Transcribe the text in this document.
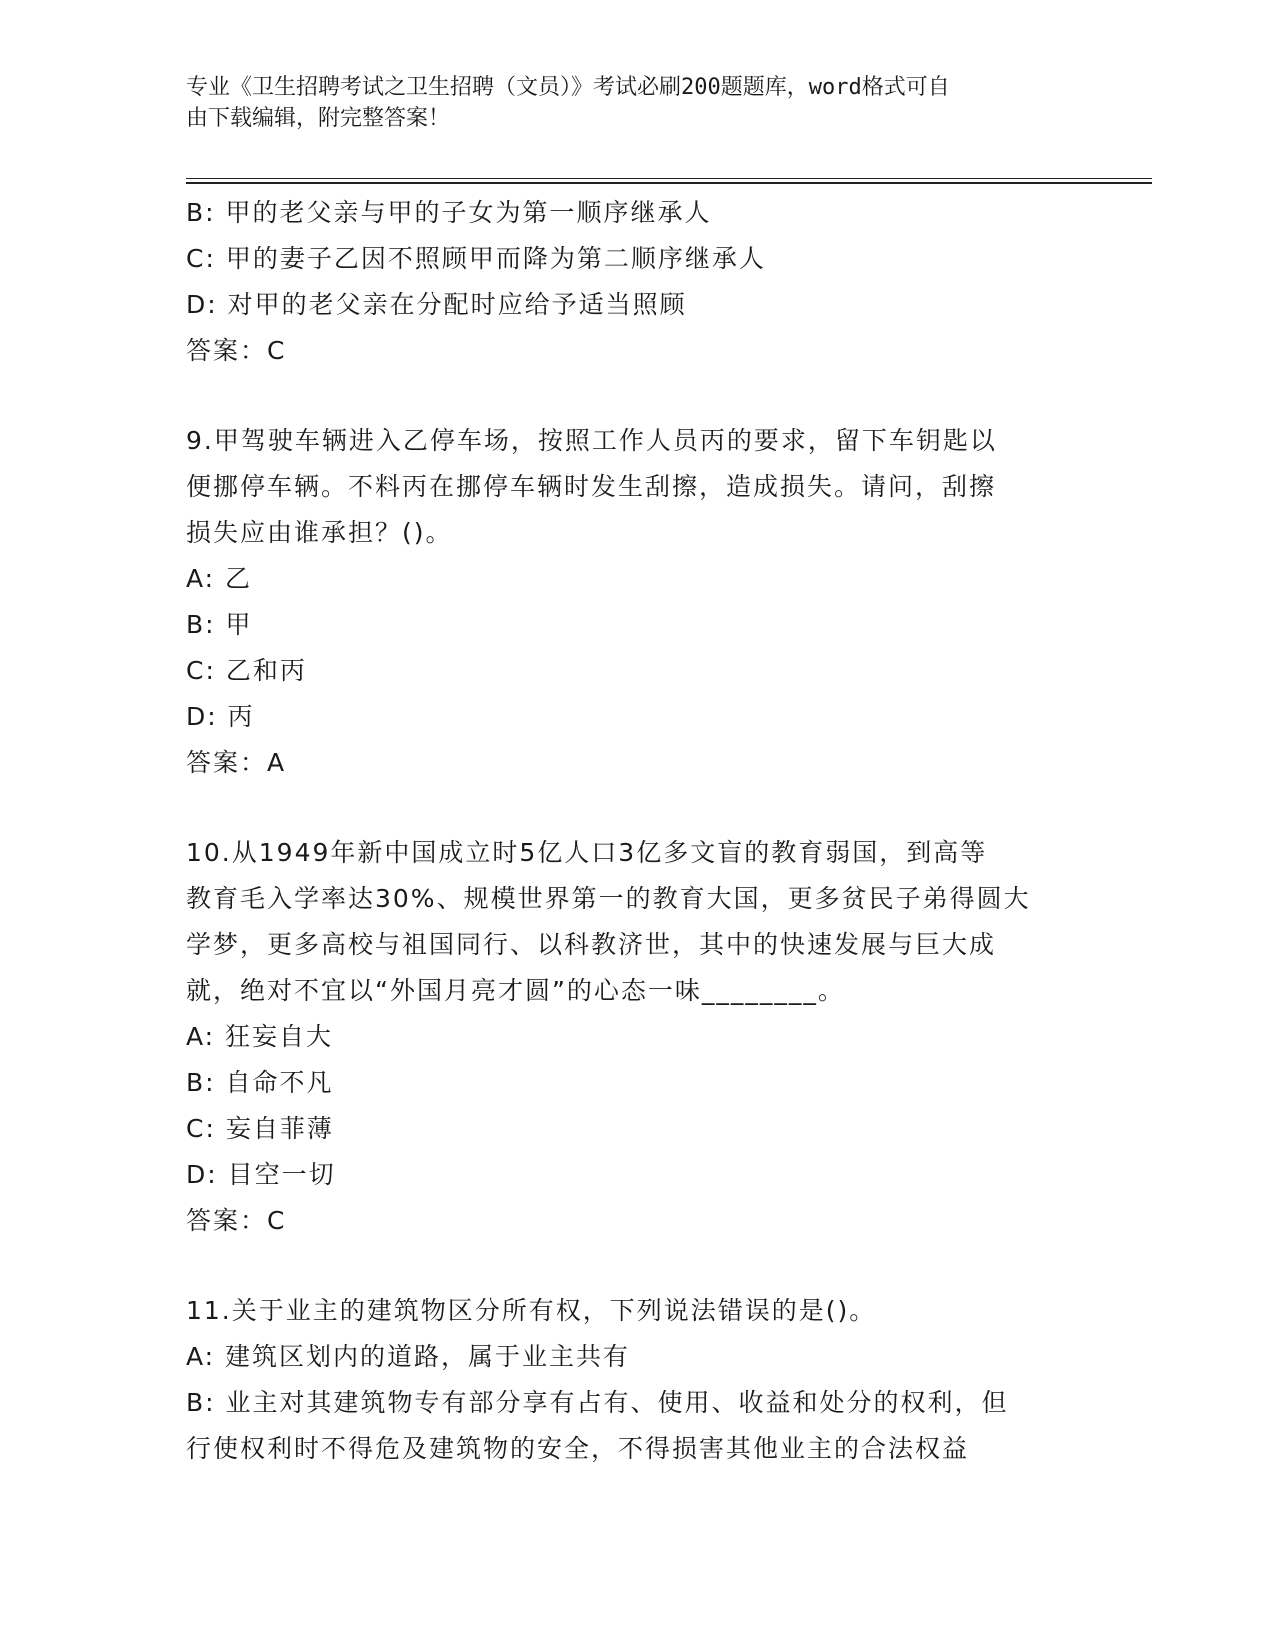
专业《卫生招聘考试之卫生招聘（文员）》考试必刷200题题库，word格式可自
由下载编辑，附完整答案！
B: 甲的老父亲与甲的子女为第一顺序继承人
C: 甲的妻子乙因不照顾甲而降为第二顺序继承人
D: 对甲的老父亲在分配时应给予适当照顾
答案：C
9.甲驾驶车辆进入乙停车场，按照工作人员丙的要求，留下车钥匙以
便挪停车辆。不料丙在挪停车辆时发生刮擦，造成损失。请问，刮擦
损失应由谁承担？()。
A: 乙
B: 甲
C: 乙和丙
D: 丙
答案：A
10.从1949年新中国成立时5亿人口3亿多文盲的教育弱国，到高等
教育毛入学率达30%、规模世界第一的教育大国，更多贫民子弟得圆大
学梦，更多高校与祖国同行、以科教济世，其中的快速发展与巨大成
就，绝对不宜以“外国月亮才圆”的心态一味________。
A: 狂妄自大
B: 自命不凡
C: 妄自菲薄
D: 目空一切
答案：C
11.关于业主的建筑物区分所有权，下列说法错误的是()。
A: 建筑区划内的道路，属于业主共有
B: 业主对其建筑物专有部分享有占有、使用、收益和处分的权利，但
行使权利时不得危及建筑物的安全，不得损害其他业主的合法权益
